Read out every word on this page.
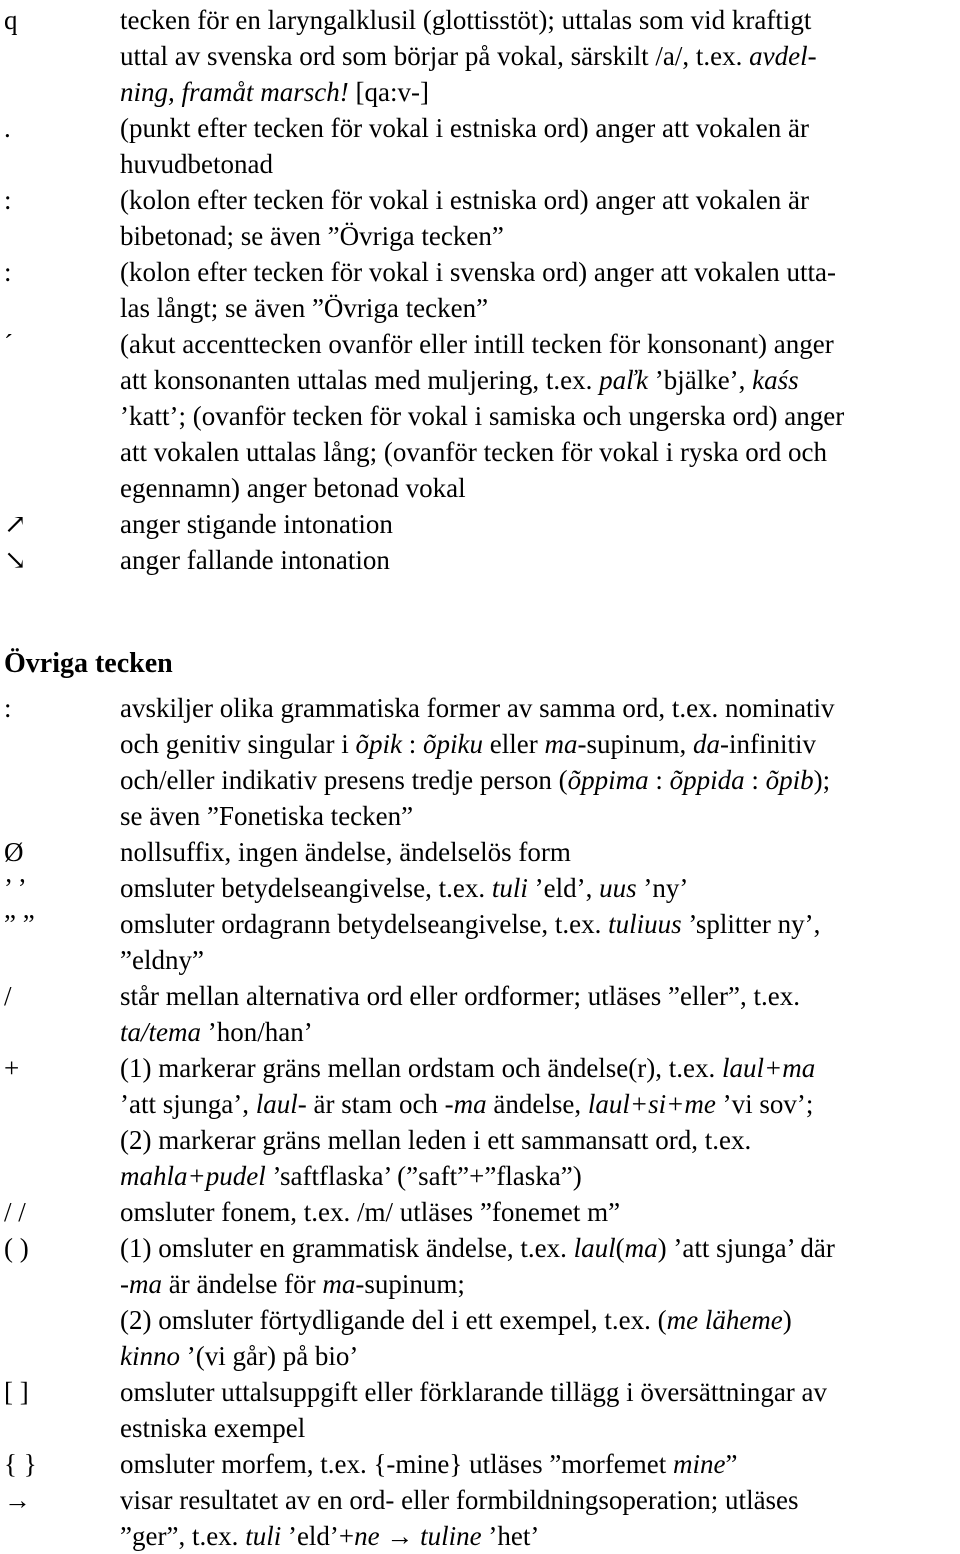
q	tecken för en laryngalklusil (glottisstöt); uttalas som vid kraftigt
uttal av svenska ord som börjar på vokal, särskilt /a/, t.ex. avdel-
ning, framåt marsch! [qa:v-]
.	(punkt efter tecken för vokal i estniska ord) anger att vokalen är
huvudbetonad
:	(kolon efter tecken för vokal i estniska ord) anger att vokalen är
bibetonad; se även ”Övriga tecken”
:	(kolon efter tecken för vokal i svenska ord) anger att vokalen utta-
las långt; se även ”Övriga tecken”
´	(akut accenttecken ovanför eller intill tecken för konsonant) anger
att konsonanten uttalas med muljering, t.ex. paľk ’bjälke’, kaśs
’katt’; (ovanför tecken för vokal i samiska och ungerska ord) anger
att vokalen uttalas lång; (ovanför tecken för vokal i ryska ord och
egennamn) anger betonad vokal
↗	anger stigande intonation
↘	anger fallande intonation
Övriga tecken
:	avskiljer olika grammatiska former av samma ord, t.ex. nominativ
och genitiv singular i õpik : õpiku eller ma-supinum, da-infinitiv
och/eller indikativ presens tredje person (õppima : õppida : õpib);
se även ”Fonetiska tecken”
Ø	nollsuffix, ingen ändelse, ändelselös form
’ ’	omsluter betydelseangivelse, t.ex. tuli ’eld’, uus ’ny’
” ”	omsluter ordagrann betydelseangivelse, t.ex. tuliuus ’splitter ny’,
”eldny”
/	står mellan alternativa ord eller ordformer; utläses ”eller”, t.ex.
ta/tema ’hon/han’
+	(1) markerar gräns mellan ordstam och ändelse(r), t.ex. laul+ma
’att sjunga’, laul- är stam och -ma ändelse, laul+si+me ’vi sov’;
(2) markerar gräns mellan leden i ett sammansatt ord, t.ex.
mahla+pudel ’saftflaska’ (”saft”+”flaska”)
/ /	omsluter fonem, t.ex. /m/ utläses ”fonemet m”
( )	(1) omsluter en grammatisk ändelse, t.ex. laul(ma) ’att sjunga’ där
-ma är ändelse för ma-supinum;
(2) omsluter förtydligande del i ett exempel, t.ex. (me läheme)
kinno ’(vi går) på bio’
[ ]	omsluter uttalsuppgift eller förklarande tillägg i översättningar av
estniska exempel
{ }	omsluter morfem, t.ex. {-mine} utläses ”morfemet mine”
→	visar resultatet av en ord- eller formbildningsoperation; utläses
”ger”, t.ex. tuli ’eld’+ne → tuline ’het’
